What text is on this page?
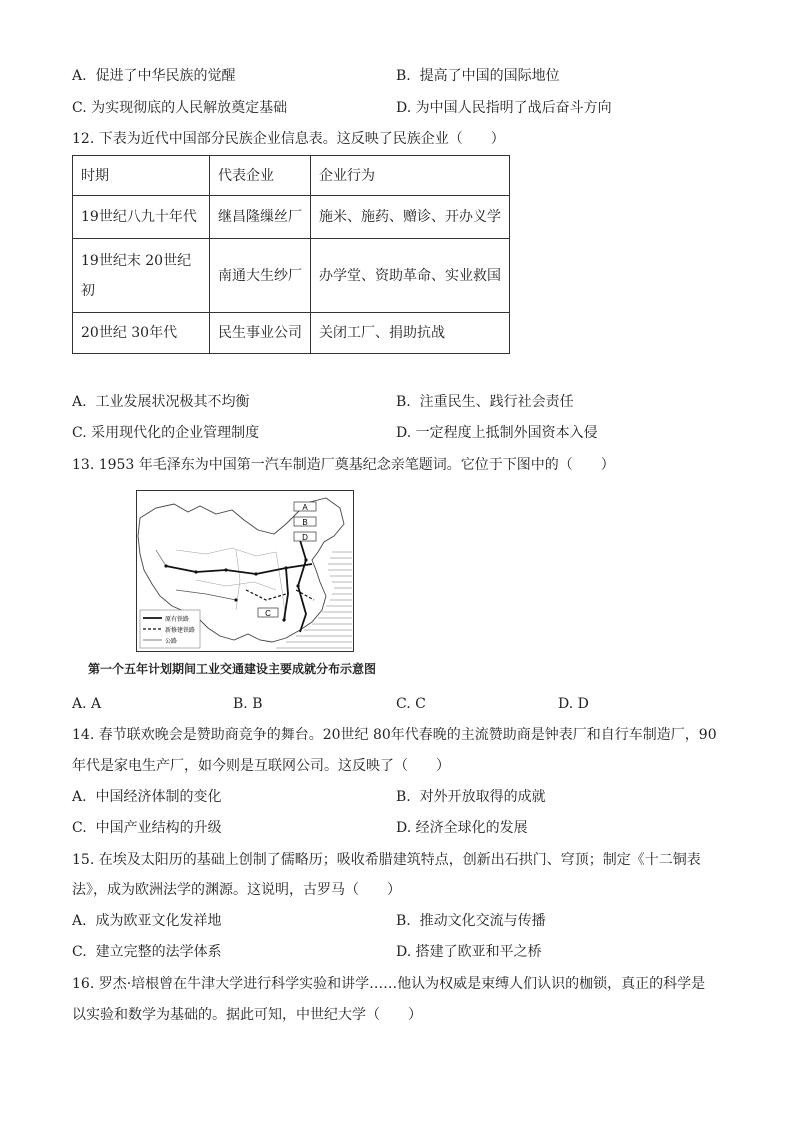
A. 促进了中华民族的觉醒	B. 提高了中国的国际地位
C. 为实现彻底的人民解放奠定基础	D. 为中国人民指明了战后奋斗方向
12. 下表为近代中国部分民族企业信息表。这反映了民族企业（　　）
时期	代表企业	企业行为
19世纪八九十年代	继昌隆缫丝厂	施米、施药、赠诊、开办义学
19世纪末 20世纪初	南通大生纱厂	办学堂、资助革命、实业救国
20世纪 30年代	民生事业公司	关闭工厂、捐助抗战
A. 工业发展状况极其不均衡	B. 注重民生、践行社会责任
C. 采用现代化的企业管理制度	D. 一定程度上抵制外国资本入侵
13. 1953 年毛泽东为中国第一汽车制造厂奠基纪念亲笔题词。它位于下图中的（　　）
A
B
D
C
原有铁路
新修建铁路
公路
第一个五年计划期间工业交通建设主要成就分布示意图
A. A	B. B	C. C	D. D
14. 春节联欢晚会是赞助商竞争的舞台。20世纪 80年代春晚的主流赞助商是钟表厂和自行车制造厂，90
年代是家电生产厂，如今则是互联网公司。这反映了（　　）
A. 中国经济体制的变化	B. 对外开放取得的成就
C. 中国产业结构的升级	D. 经济全球化的发展
15. 在埃及太阳历的基础上创制了儒略历；吸收希腊建筑特点，创新出石拱门、穹顶；制定《十二铜表
法》，成为欧洲法学的渊源。这说明，古罗马（　　）
A. 成为欧亚文化发祥地	B. 推动文化交流与传播
C. 建立完整的法学体系	D. 搭建了欧亚和平之桥
16. 罗杰·培根曾在牛津大学进行科学实验和讲学……他认为权威是束缚人们认识的枷锁，真正的科学是
以实验和数学为基础的。据此可知，中世纪大学（　　）
